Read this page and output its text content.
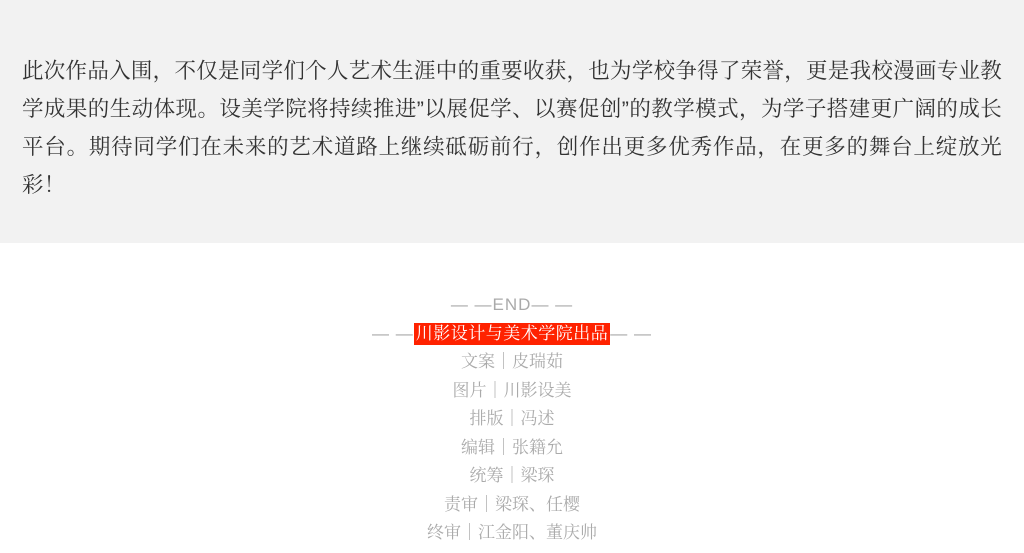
此次作品入围，不仅是同学们个人艺术生涯中的重要收获，也为学校争得了荣誉，更是我校漫画专业教学成果的生动体现。设美学院将持续推进”以展促学、以赛促创”的教学模式，为学子搭建更广阔的成长平台。期待同学们在未来的艺术道路上继续砥砺前行，创作出更多优秀作品，在更多的舞台上绽放光彩！

— —END— —
— — 川影设计与美术学院出品 — —
文案｜皮瑞茹
图片｜川影设美
排版｜冯述
编辑｜张籍允
统筹｜梁琛
责审｜梁琛、任樱
终审｜江金阳、董庆帅
